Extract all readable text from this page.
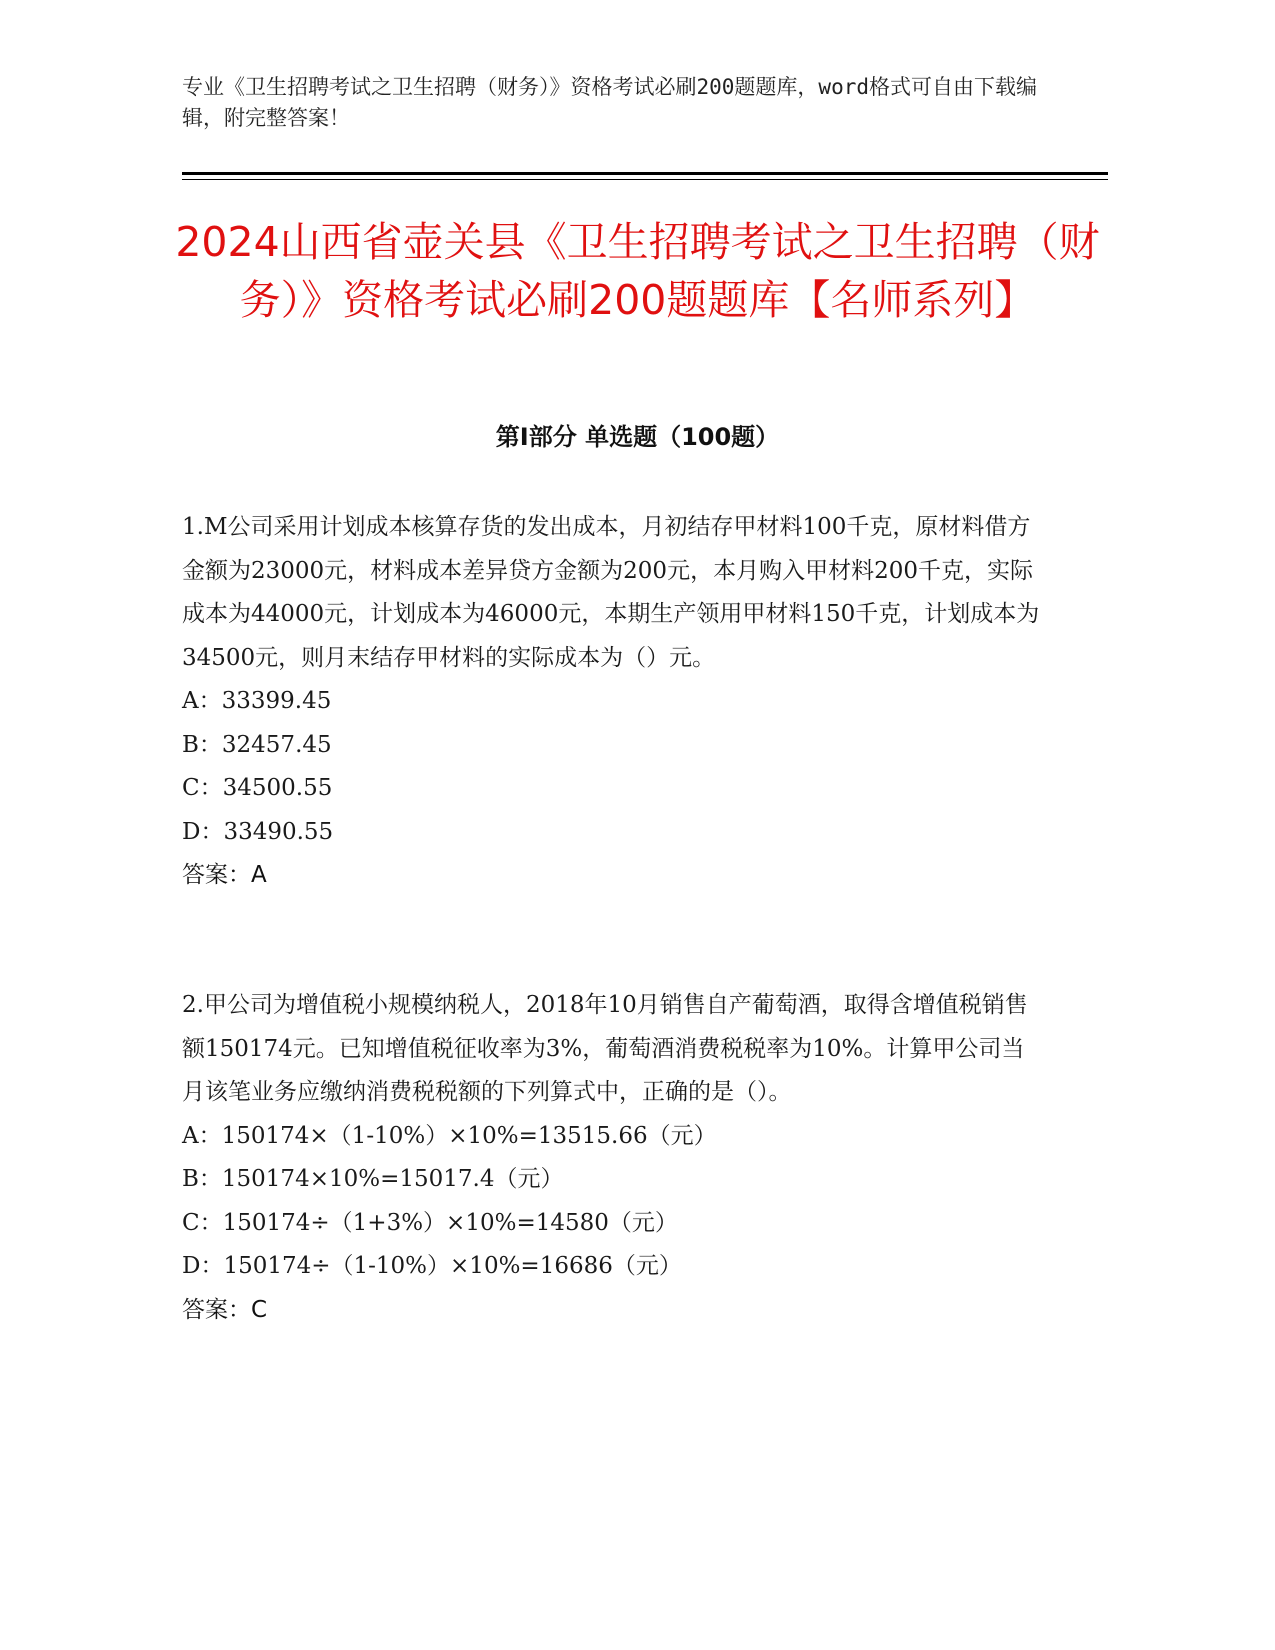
专业《卫生招聘考试之卫生招聘（财务）》资格考试必刷200题题库，word格式可自由下载编辑，附完整答案！
2024山西省壶关县《卫生招聘考试之卫生招聘（财务）》资格考试必刷200题题库【名师系列】
第I部分 单选题（100题）

1.M公司采用计划成本核算存货的发出成本，月初结存甲材料100千克，原材料借方金额为23000元，材料成本差异贷方金额为200元，本月购入甲材料200千克，实际成本为44000元，计划成本为46000元，本期生产领用甲材料150千克，计划成本为34500元，则月末结存甲材料的实际成本为（）元。

A：33399.45

B：32457.45

C：34500.55

D：33490.55

答案：A

2.甲公司为增值税小规模纳税人，2018年10月销售自产葡萄酒，取得含增值税销售额150174元。已知增值税征收率为3%，葡萄酒消费税税率为10%。计算甲公司当月该笔业务应缴纳消费税税额的下列算式中，正确的是（）。

A：150174×（1-10%）×10%=13515.66（元）

B：150174×10%=15017.4（元）

C：150174÷（1+3%）×10%=14580（元）

D：150174÷（1-10%）×10%=16686（元）

答案：C
